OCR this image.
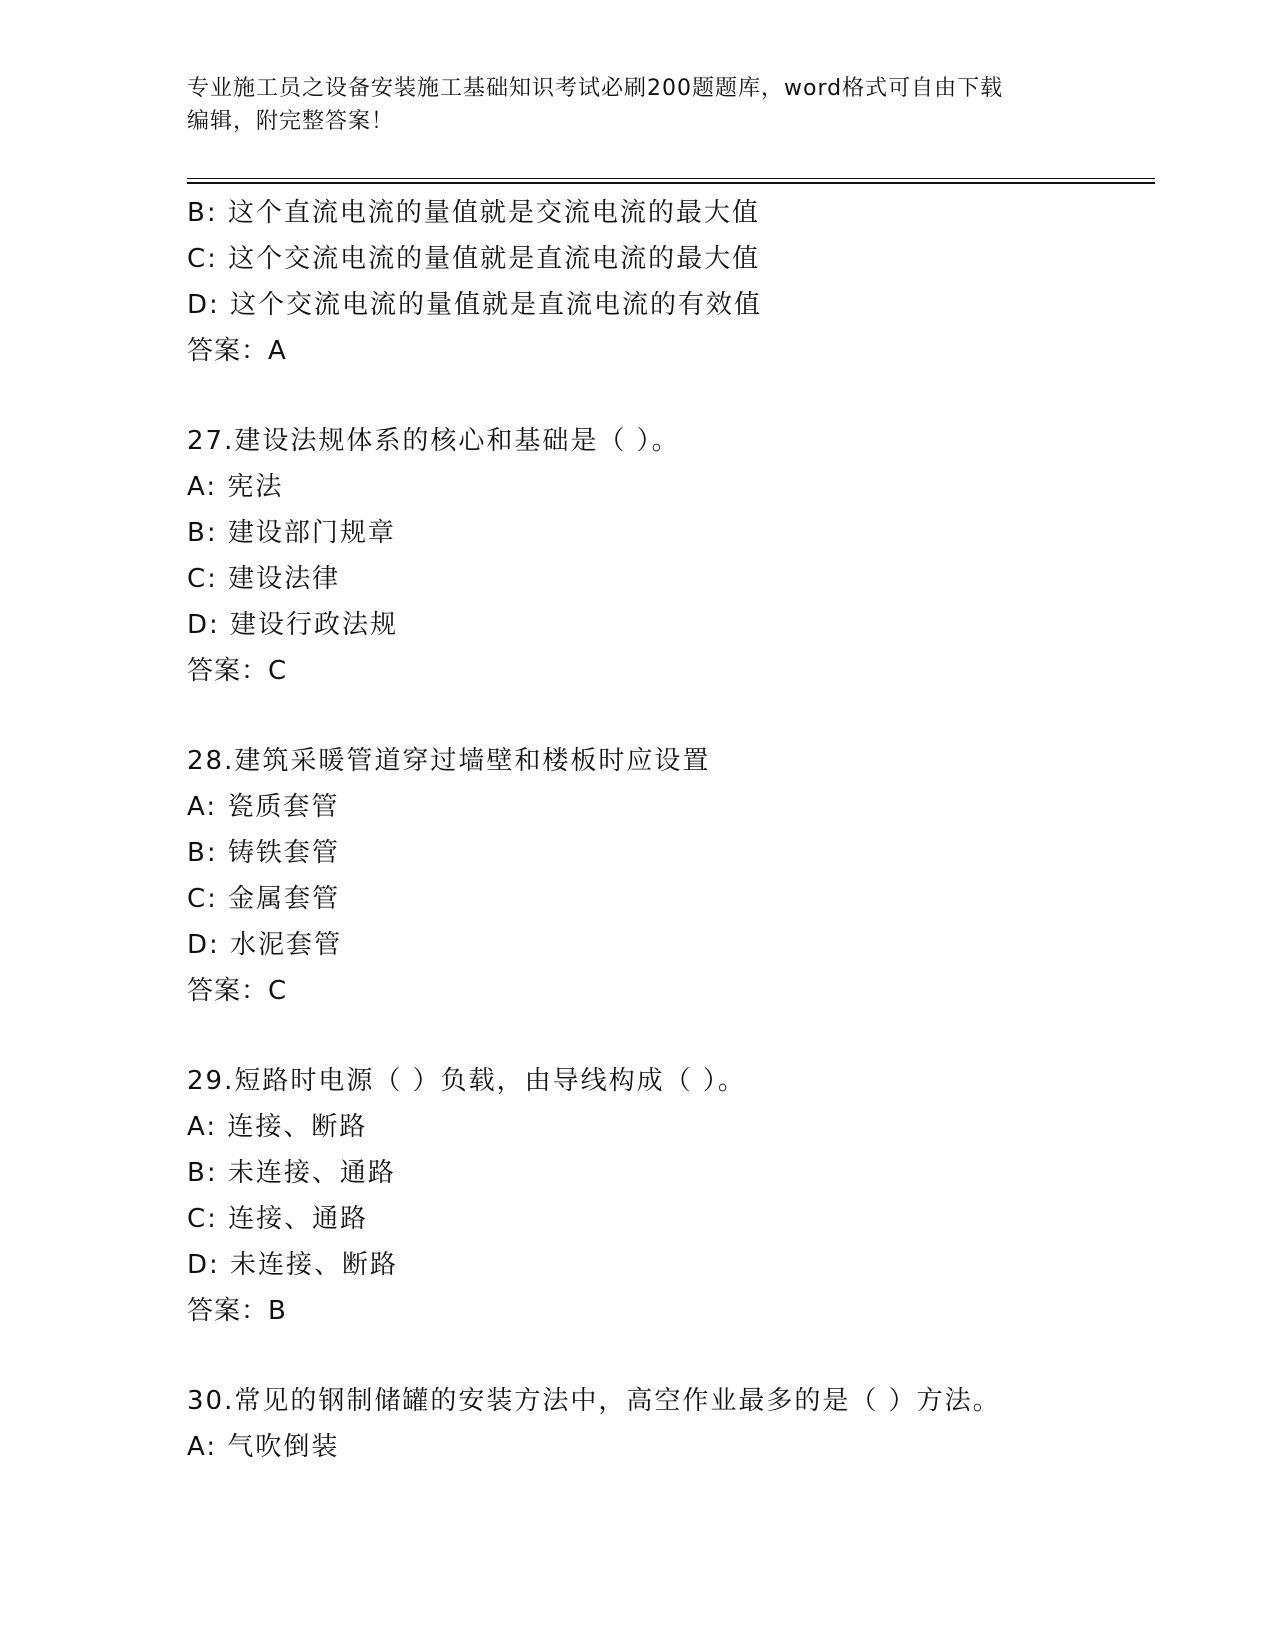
专业施工员之设备安装施工基础知识考试必刷200题题库，word格式可自由下载
编辑，附完整答案！
B: 这个直流电流的量值就是交流电流的最大值
C: 这个交流电流的量值就是直流电流的最大值
D: 这个交流电流的量值就是直流电流的有效值
答案：A
27.建设法规体系的核心和基础是（ ）。
A: 宪法
B: 建设部门规章
C: 建设法律
D: 建设行政法规
答案：C
28.建筑采暖管道穿过墙壁和楼板时应设置
A: 瓷质套管
B: 铸铁套管
C: 金属套管
D: 水泥套管
答案：C
29.短路时电源（ ）负载，由导线构成（ ）。
A: 连接、断路
B: 未连接、通路
C: 连接、通路
D: 未连接、断路
答案：B
30.常见的钢制储罐的安装方法中，高空作业最多的是（ ）方法。
A: 气吹倒装
